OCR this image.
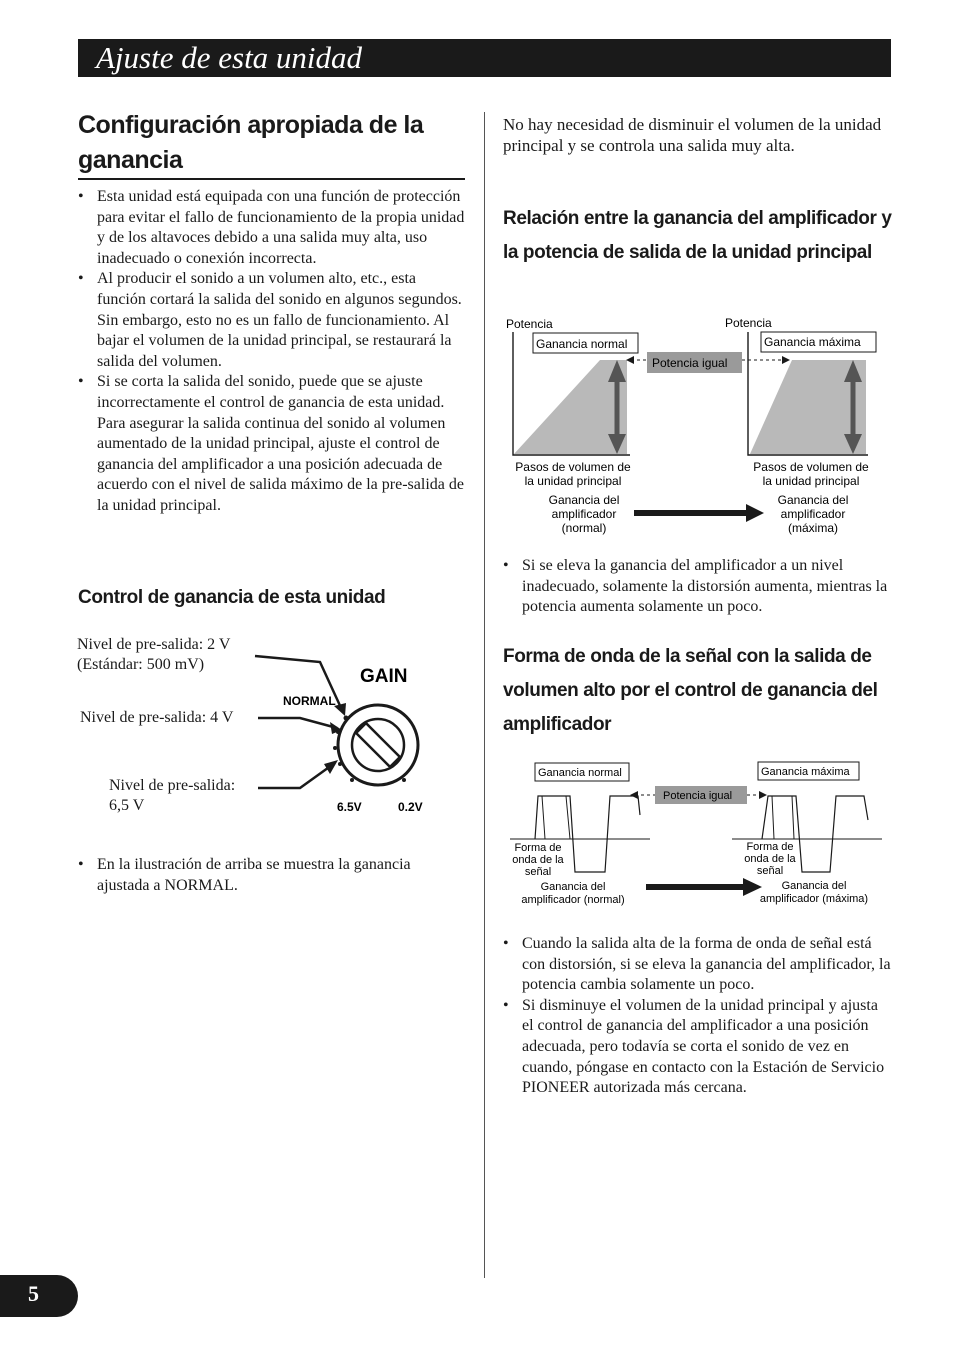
Ajuste de esta unidad
Configuración apropiada de la ganancia
• Esta unidad está equipada con una función de protección para evitar el fallo de funcionamiento de la propia unidad y de los altavoces debido a una salida muy alta, uso inadecuado o conexión incorrecta.
• Al producir el sonido a un volumen alto, etc., esta función cortará la salida del sonido en algunos segundos. Sin embargo, esto no es un fallo de funcionamiento. Al bajar el volumen de la unidad principal, se restaurará la salida del volumen.
• Si se corta la salida del sonido, puede que se ajuste incorrectamente el control de ganancia de esta unidad. Para asegurar la salida continua del sonido al volumen aumentado de la unidad principal, ajuste el control de ganancia del amplificador a una posición adecuada de acuerdo con el nivel de salida máximo de la pre-salida de la unidad principal.
Control de ganancia de esta unidad
Nivel de pre-salida: 2 V
(Estándar: 500 mV)
Nivel de pre-salida: 4 V
Nivel de pre-salida:
6,5 V
GAIN
NORMAL
6.5V	0.2V
• En la ilustración de arriba se muestra la ganancia ajustada a NORMAL.
No hay necesidad de disminuir el volumen de la unidad principal y se controla una salida muy alta.
Relación entre la ganancia del amplificador y la potencia de salida de la unidad principal
Potencia	Potencia
Ganancia normal	Ganancia máxima
Potencia igual
Pasos de volumen de
la unidad principal
Pasos de volumen de
la unidad principal
Ganancia del
amplificador
(normal)
Ganancia del
amplificador
(máxima)
• Si se eleva la ganancia del amplificador a un nivel inadecuado, solamente la distorsión aumenta, mientras la potencia aumenta solamente un poco.
Forma de onda de la señal con la salida de volumen alto por el control de ganancia del amplificador
Ganancia normal	Ganancia máxima
Potencia igual
Forma de
onda de la
señal
Ganancia del
amplificador (normal)
Forma de
onda de la
señal
Ganancia del
amplificador (máxima)
• Cuando la salida alta de la forma de onda de señal está con distorsión, si se eleva la ganancia del amplificador, la potencia cambia solamente un poco.
• Si disminuye el volumen de la unidad principal y ajusta el control de ganancia del amplificador a una posición adecuada, pero todavía se corta el sonido de vez en cuando, póngase en contacto con la Estación de Servicio PIONEER autorizada más cercana.
5
